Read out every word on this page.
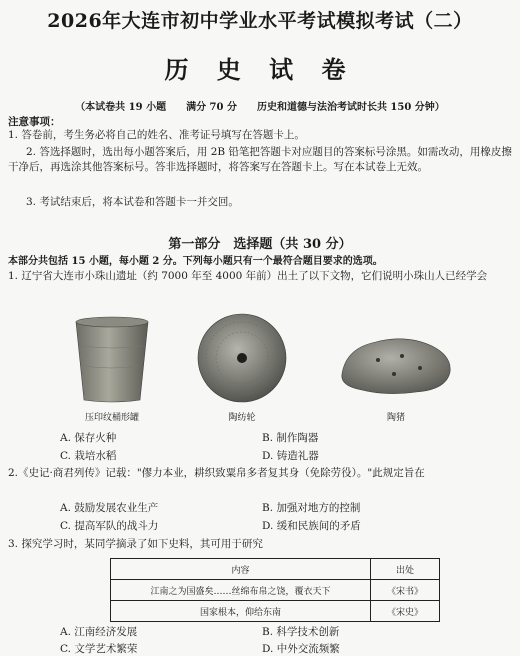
2026年大连市初中学业水平考试模拟考试（二）
历 史 试 卷
（本试卷共 19 小题　　满分 70 分　　历史和道德与法治考试时长共 150 分钟）
注意事项：
1. 答卷前，考生务必将自己的姓名、准考证号填写在答题卡上。
2. 答选择题时，选出每小题答案后，用 2B 铅笔把答题卡对应题目的答案标号涂黑。如需改动，用橡皮擦干净后，再选涂其他答案标号。答非选择题时，将答案写在答题卡上。写在本试卷上无效。
3. 考试结束后，将本试卷和答题卡一并交回。
第一部分　选择题（共 30 分）
本部分共包括 15 小题，每小题 2 分。下列每小题只有一个最符合题目要求的选项。
1. 辽宁省大连市小珠山遗址（约 7000 年至 4000 年前）出土了以下文物，它们说明小珠山人已经学会
压印纹桶形罐	陶纺轮	陶猪
A. 保存火种	B. 制作陶器
C. 栽培水稻	D. 铸造礼器
2.《史记·商君列传》记载："僇力本业，耕织致粟帛多者复其身（免除劳役）。"此规定旨在
A. 鼓励发展农业生产	B. 加强对地方的控制
C. 提高军队的战斗力	D. 缓和民族间的矛盾
3. 探究学习时，某同学摘录了如下史料，其可用于研究
内容	出处
江南之为国盛矣……丝绵布帛之饶，覆衣天下	《宋书》
国家根本，仰给东南	《宋史》
A. 江南经济发展	B. 科学技术创新
C. 文学艺术繁荣	D. 中外交流频繁
